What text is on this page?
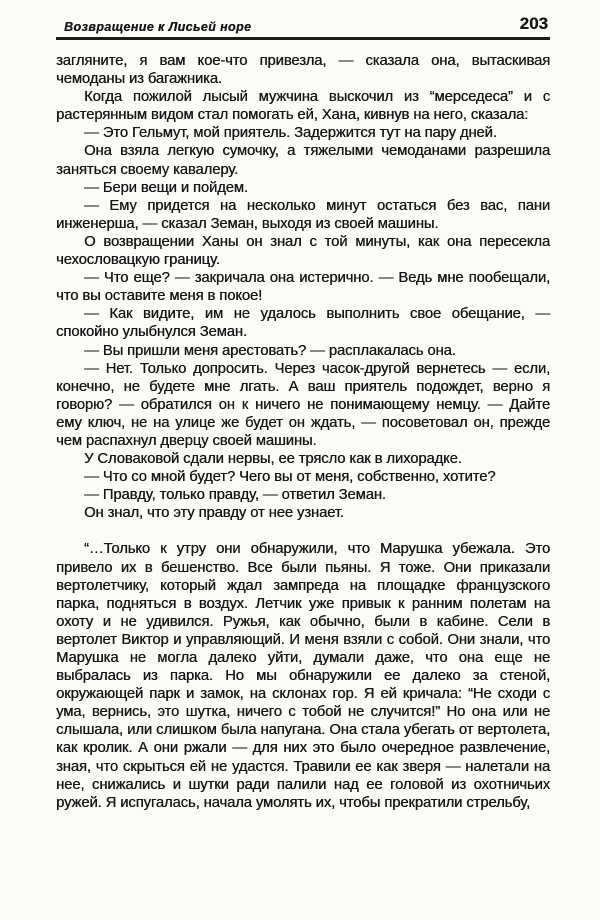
Возвращение к Лисьей норе	203

загляните, я вам кое-что привезла, — сказала она, вытаскивая чемоданы из багажника.

Когда пожилой лысый мужчина выскочил из “мерседеса” и с растерянным видом стал помогать ей, Хана, кивнув на него, сказала:

— Это Гельмут, мой приятель. Задержится тут на пару дней.

Она взяла легкую сумочку, а тяжелыми чемоданами разрешила заняться своему кавалеру.

— Бери вещи и пойдем.

— Ему придется на несколько минут остаться без вас, пани инженерша, — сказал Земан, выходя из своей машины.

О возвращении Ханы он знал с той минуты, как она пересекла чехословацкую границу.

— Что еще? — закричала она истерично. — Ведь мне пообещали, что вы оставите меня в покое!

— Как видите, им не удалось выполнить свое обещание, — спокойно улыбнулся Земан.

— Вы пришли меня арестовать? — расплакалась она.

— Нет. Только допросить. Через часок-другой вернетесь — если, конечно, не будете мне лгать. А ваш приятель подождет, верно я говорю? — обратился он к ничего не понимающему немцу. — Дайте ему ключ, не на улице же будет он ждать, — посоветовал он, прежде чем распахнул дверцу своей машины.

У Словаковой сдали нервы, ее трясло как в лихорадке.

— Что со мной будет? Чего вы от меня, собственно, хотите?

— Правду, только правду, — ответил Земан.

Он знал, что эту правду от нее узнает.

“…Только к утру они обнаружили, что Марушка убежала. Это привело их в бешенство. Все были пьяны. Я тоже. Они приказали вертолетчику, который ждал зампреда на площадке французского парка, подняться в воздух. Летчик уже привык к ранним полетам на охоту и не удивился. Ружья, как обычно, были в кабине. Сели в вертолет Виктор и управляющий. И меня взяли с собой. Они знали, что Марушка не могла далеко уйти, думали даже, что она еще не выбралась из парка. Но мы обнаружили ее далеко за стеной, окружающей парк и замок, на склонах гор. Я ей кричала: “Не сходи с ума, вернись, это шутка, ничего с тобой не случится!” Но она или не слышала, или слишком была напугана. Она стала убегать от вертолета, как кролик. А они ржали — для них это было очередное развлечение, зная, что скрыться ей не удастся. Травили ее как зверя — налетали на нее, снижались и шутки ради палили над ее головой из охотничьих ружей. Я испугалась, начала умолять их, чтобы прекратили стрельбу,
